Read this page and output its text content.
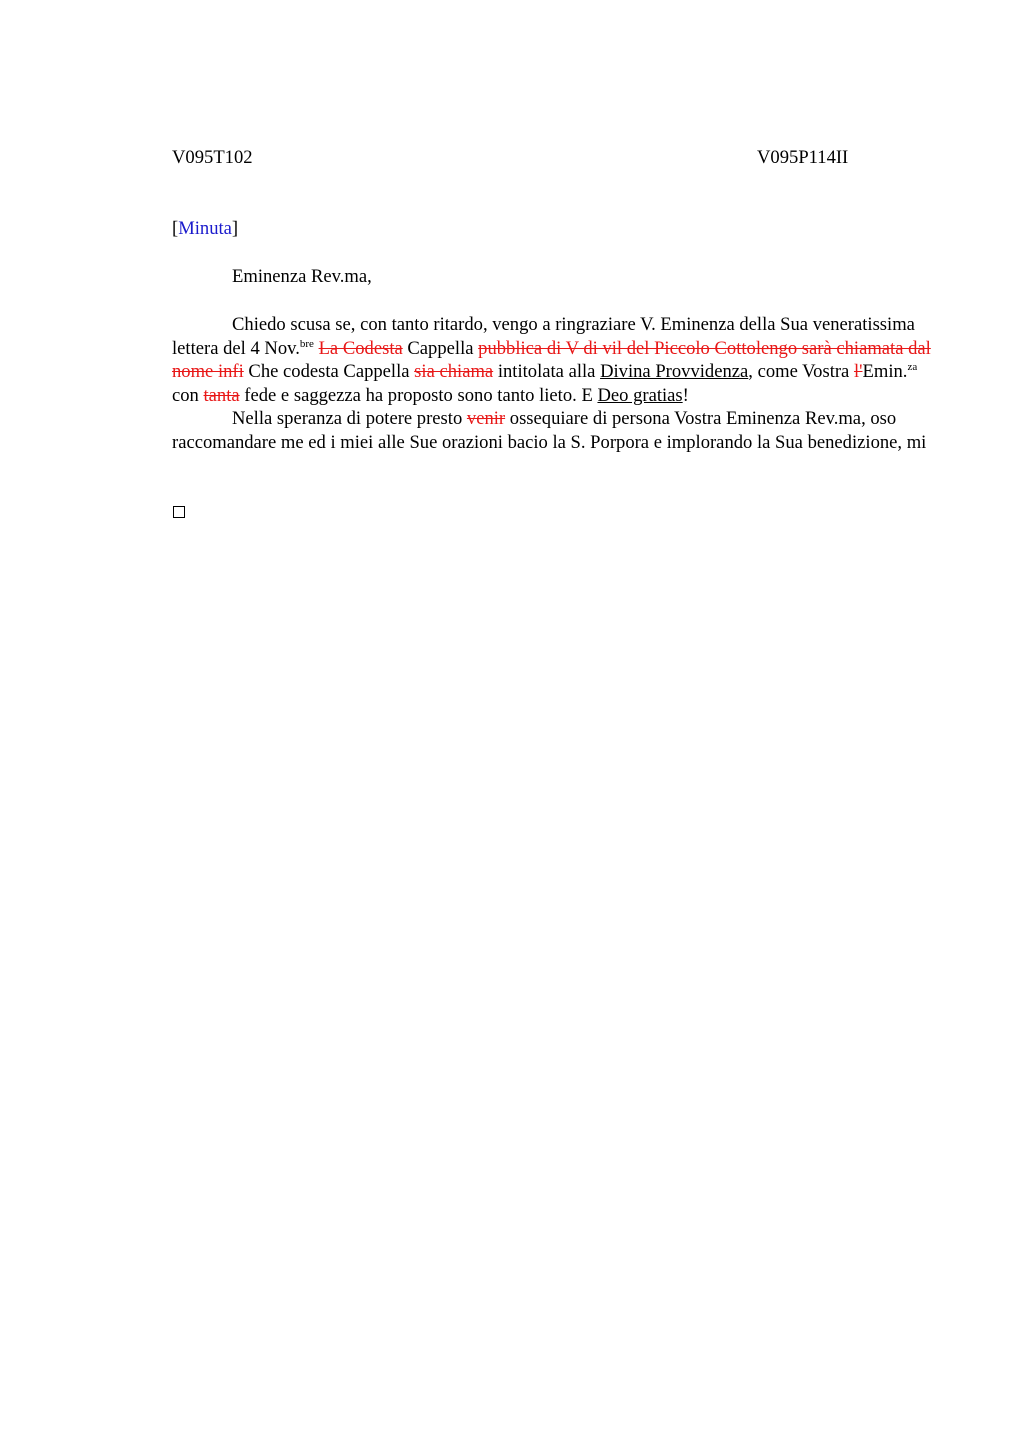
V095T102	V095P114II
[Minuta]
Eminenza Rev.ma,

Chiedo scusa se, con tanto ritardo, vengo a ringraziare V. Eminenza della Sua veneratissima lettera del 4 Nov.$^{bre}$ La Codesta Cappella pubblica di V di vil del Piccolo Cottolengo sarà chiamata dal nome infi Che codesta Cappella sia chiama intitolata alla Divina Provvidenza, come Vostra l'Emin.$^{za}$ con tanta fede e saggezza ha proposto sono tanto lieto. E Deo gratias!

Nella speranza di potere presto venir ossequiare di persona Vostra Eminenza Rev.ma, oso raccomandare me ed i miei alle Sue orazioni bacio la S. Porpora e implorando la Sua benedizione, mi
